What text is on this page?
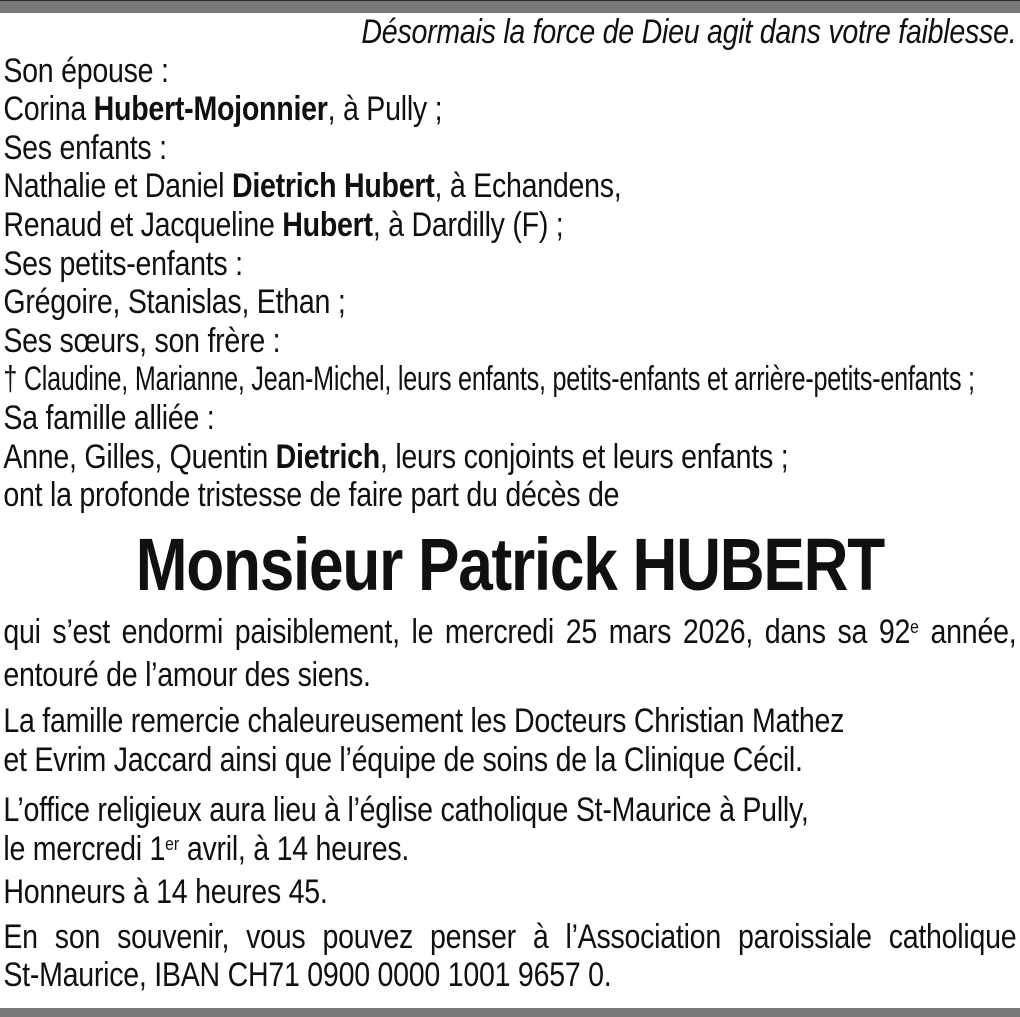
Désormais la force de Dieu agit dans votre faiblesse.

Son épouse :

Corina Hubert-Mojonnier, à Pully ;

Ses enfants :

Nathalie et Daniel Dietrich Hubert, à Echandens,

Renaud et Jacqueline Hubert, à Dardilly (F) ;

Ses petits-enfants :

Grégoire, Stanislas, Ethan ;

Ses sœurs, son frère :

† Claudine, Marianne, Jean-Michel, leurs enfants, petits-enfants et arrière-petits-enfants ;

Sa famille alliée :

Anne, Gilles, Quentin Dietrich, leurs conjoints et leurs enfants ;

ont la profonde tristesse de faire part du décès de

Monsieur Patrick HUBERT

qui s’est endormi paisiblement, le mercredi 25 mars 2026, dans sa 92e année,

entouré de l’amour des siens.

La famille remercie chaleureusement les Docteurs Christian Mathez

et Evrim Jaccard ainsi que l’équipe de soins de la Clinique Cécil.

L’office religieux aura lieu à l’église catholique St-Maurice à Pully,

le mercredi 1er avril, à 14 heures.

Honneurs à 14 heures 45.

En son souvenir, vous pouvez penser à l’Association paroissiale catholique

St-Maurice, IBAN CH71 0900 0000 1001 9657 0.
